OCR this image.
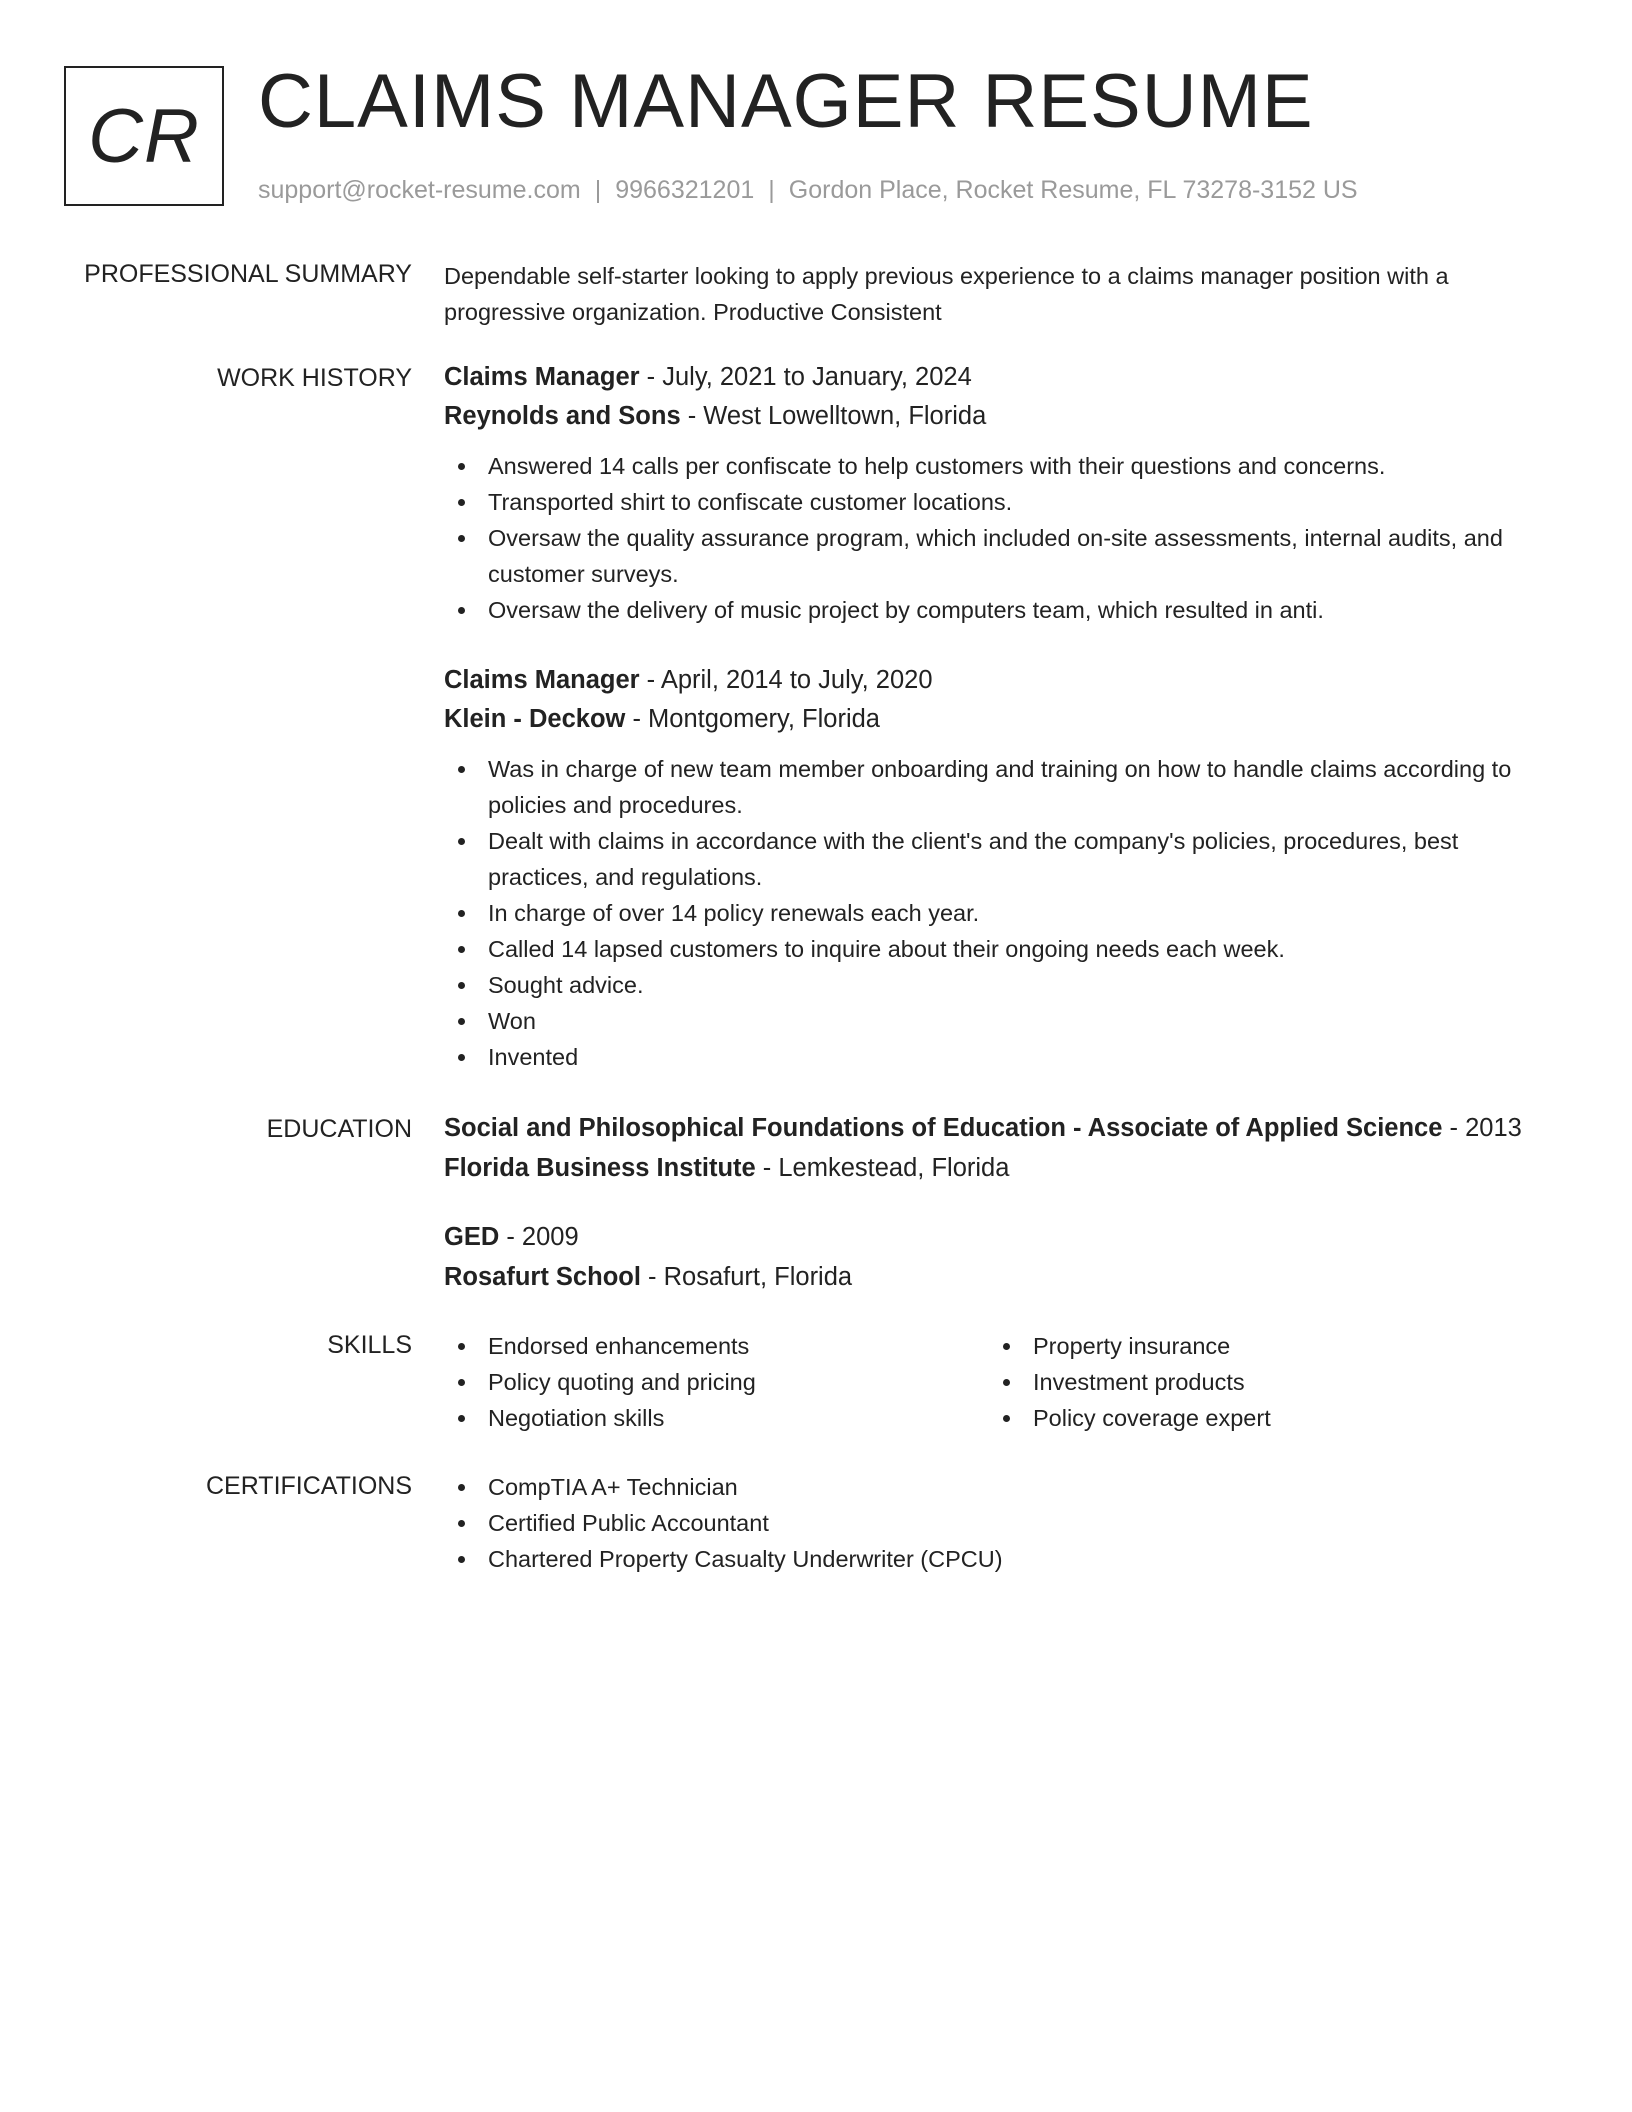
CR CLAIMS MANAGER RESUME
support@rocket-resume.com | 9966321201 | Gordon Place, Rocket Resume, FL 73278-3152 US
PROFESSIONAL SUMMARY Dependable self-starter looking to apply previous experience to a claims manager position with a progressive organization. Productive Consistent
WORK HISTORY Claims Manager - July, 2021 to January, 2024
Reynolds and Sons - West Lowelltown, Florida
Answered 14 calls per confiscate to help customers with their questions and concerns.
Transported shirt to confiscate customer locations.
Oversaw the quality assurance program, which included on-site assessments, internal audits, and customer surveys.
Oversaw the delivery of music project by computers team, which resulted in anti.
Claims Manager - April, 2014 to July, 2020
Klein - Deckow - Montgomery, Florida
Was in charge of new team member onboarding and training on how to handle claims according to policies and procedures.
Dealt with claims in accordance with the client's and the company's policies, procedures, best practices, and regulations.
In charge of over 14 policy renewals each year.
Called 14 lapsed customers to inquire about their ongoing needs each week.
Sought advice.
Won
Invented
EDUCATION Social and Philosophical Foundations of Education - Associate of Applied Science - 2013
Florida Business Institute - Lemkestead, Florida
GED - 2009
Rosafurt School - Rosafurt, Florida
SKILLS	Endorsed enhancements
Policy quoting and pricing
Negotiation skills
Property insurance
Investment products
Policy coverage expert
CERTIFICATIONS	CompTIA A+ Technician
Certified Public Accountant
Chartered Property Casualty Underwriter (CPCU)
